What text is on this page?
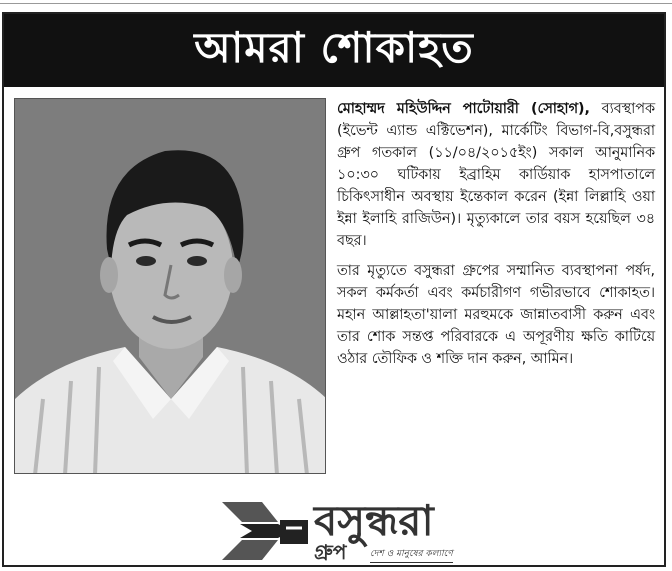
আমরা শোকাহত

মোহাম্মদ মহিউদ্দিন পাটোয়ারী (সোহাগ), ব্যবস্থাপক (ইভেন্ট এ্যান্ড এক্টিভেশন), মার্কেটিং বিভাগ-বি,বসুন্ধরা গ্রুপ গতকাল (১১/০৪/২০১৫ইং) সকাল আনুমানিক ১০:৩০ ঘটিকায় ইব্রাহিম কার্ডিয়াক হাসপাতালে চিকিৎসাধীন অবস্থায় ইন্তেকাল করেন (ইন্না লিল্লাহি ওয়া ইন্না ইলাহি রাজিউন)। মৃত্যুকালে তার বয়স হয়েছিল ৩৪ বছর।

তার মৃত্যুতে বসুন্ধরা গ্রুপের সম্মানিত ব্যবস্থাপনা পর্ষদ, সকল কর্মকর্তা এবং কর্মচারীগণ গভীরভাবে শোকাহত। মহান আল্লাহতা'য়ালা মরহুমকে জান্নাতবাসী করুন এবং তার শোক সন্তপ্ত পরিবারকে এ অপূরণীয় ক্ষতি কাটিয়ে ওঠার তৌফিক ও শক্তি দান করুন, আমিন।

বসুন্ধরা
গ্রুপ	দেশ ও মানুষের কল্যাণে
